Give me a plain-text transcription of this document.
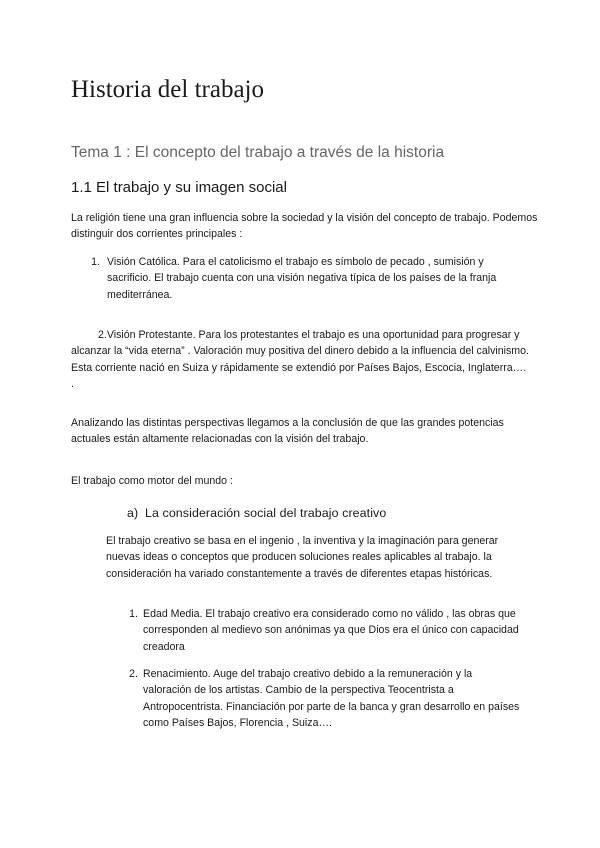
Historia del trabajo
Tema 1 : El concepto del trabajo a través de la historia
1.1 El trabajo y su imagen social

La religión tiene una gran influencia sobre la sociedad y la visión del concepto de trabajo. Podemos distinguir dos corrientes principales :

1. Visión Católica. Para el catolicismo el trabajo es símbolo de pecado , sumisión y sacrificio. El trabajo cuenta con una visión negativa típica de los países de la franja mediterránea.

2.Visión Protestante. Para los protestantes el trabajo es una oportunidad para progresar y alcanzar la “vida eterna” . Valoración muy positiva del dinero debido a la influencia del calvinismo. Esta corriente nació en Suiza y rápidamente se extendió por Países Bajos, Escocia, Inglaterra…. .

Analizando las distintas perspectivas llegamos a la conclusión de que las grandes potencias actuales están altamente relacionadas con la visión del trabajo.

El trabajo como motor del mundo :

a) La consideración social del trabajo creativo

El trabajo creativo se basa en el ingenio , la inventiva y la imaginación para generar nuevas ideas o conceptos que producen soluciones reales aplicables al trabajo. la consideración ha variado constantemente a través de diferentes etapas históricas.

1. Edad Media. El trabajo creativo era considerado como no válido , las obras que corresponden al medievo son anónimas ya que Dios era el único con capacidad creadora

2. Renacimiento. Auge del trabajo creativo debido a la remuneración y la valoración de los artistas. Cambio de la perspectiva Teocentrista a Antropocentrista. Financiación por parte de la banca y gran desarrollo en países como Países Bajos, Florencia , Suiza….
